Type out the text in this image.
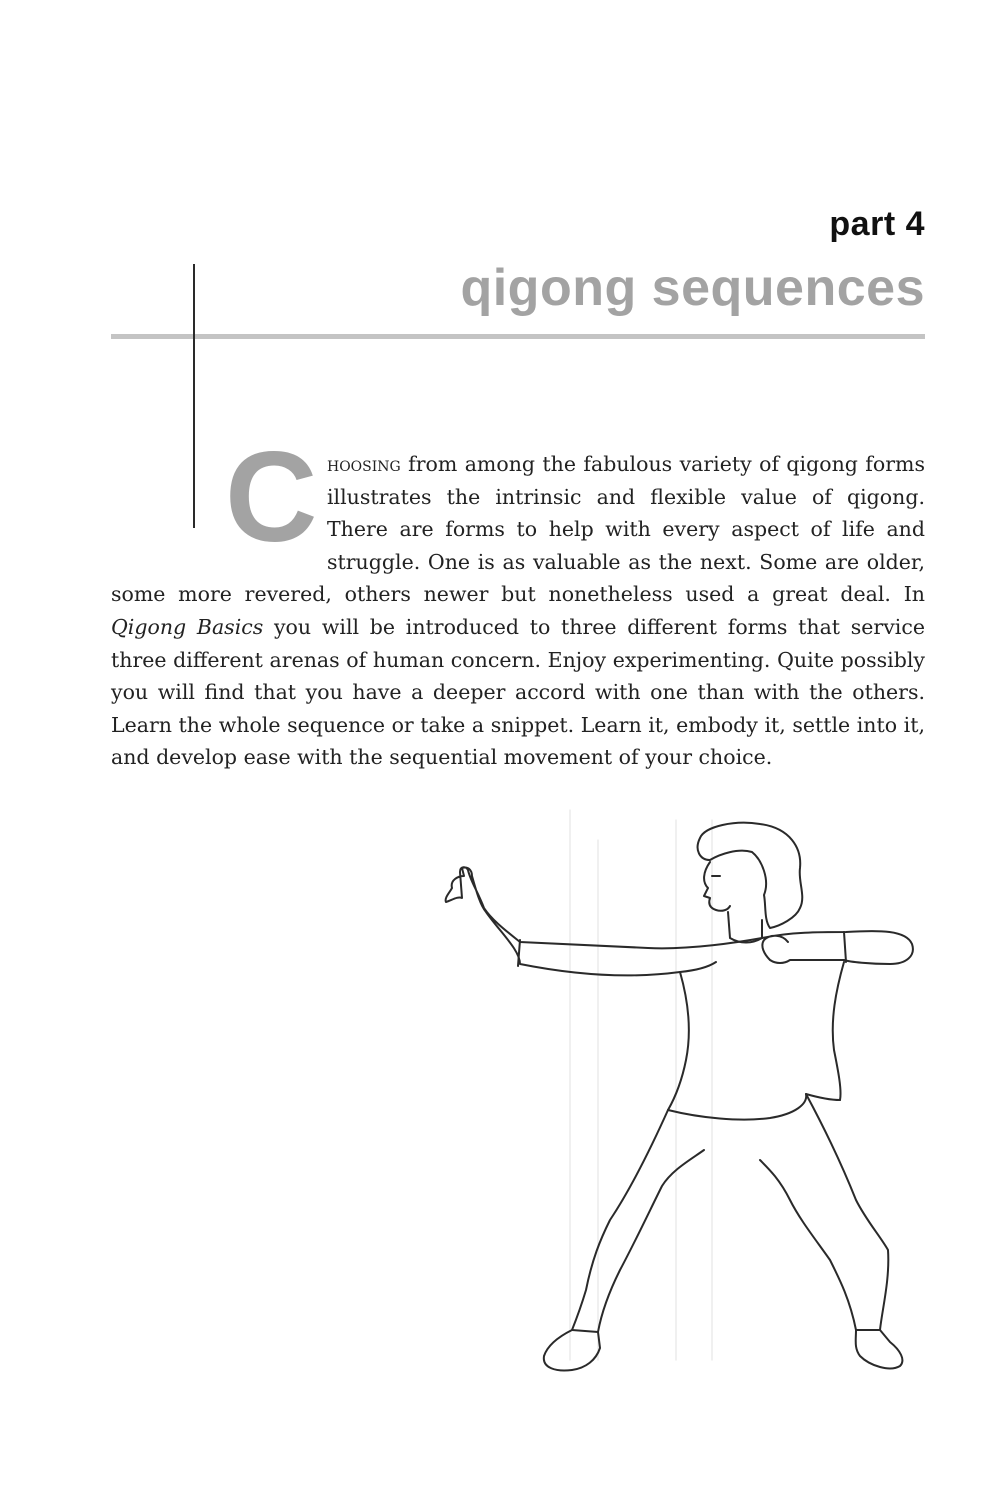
part 4
qigong sequences
Choosing from among the fabulous variety of qigong forms illustrates the intrinsic and flexible value of qigong. There are forms to help with every aspect of life and struggle. One is as valuable as the next. Some are older, some more revered, others newer but nonetheless used a great deal. In Qigong Basics you will be introduced to three different forms that service three different arenas of human concern. Enjoy experimenting. Quite possibly you will find that you have a deeper accord with one than with the others. Learn the whole sequence or take a snippet. Learn it, embody it, settle into it, and develop ease with the sequential movement of your choice.
